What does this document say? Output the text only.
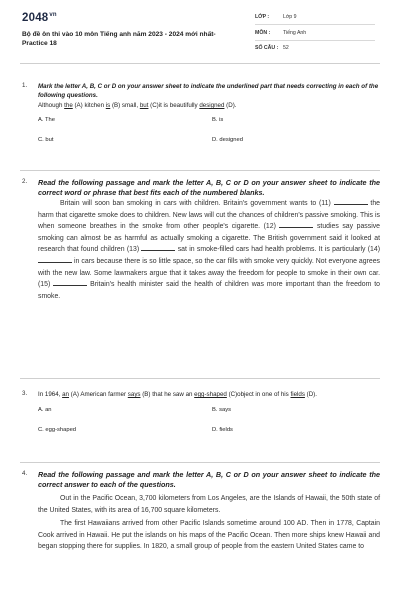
$2048^{vn}$
Bộ đề ôn thi vào 10 môn Tiếng anh năm 2023 - 2024 mới nhất- Practice 18
LỚP :	Lớp 9
MÔN : Tiếng Anh
SỐ CÂU : 52
1. Mark the letter A, B, C or D on your answer sheet to indicate the underlined part that needs correcting in each of the following questions.
Although the (A) kitchen is (B) small, but (C)it is beautifully designed (D).
A. The	B. is
C. but	D. designed
2. Read the following passage and mark the letter A, B, C or D on your answer sheet to indicate the correct word or phrase that best fits each of the numbered blanks.

Britain will soon ban smoking in cars with children. Britain's government wants to (11)	the harm that cigarette smoke does to children. New laws will cut the chances of children's passive smoking. This is when someone breathes in the smoke from other people's cigarette. (12)	studies say passive smoking can almost be as harmful as actually smoking a cigarette. The British government said it looked at research that found children (13)	sat in smoke-filled cars had health problems. It is particularly (14)  in cars because there is so little space, so the car fills with smoke very quickly. Not everyone agrees with the new law. Some lawmakers argue that it takes away the freedom for people to smoke in their own car. (15)	Britain's health minister said the health of children was more important than the freedom to smoke.

3. In 1964, an (A) American farmer says (B) that he saw an egg-shaped (C)object in one of his fields (D).
A. an	B. says
C. egg-shaped	D. fields
4. Read the following passage and mark the letter A, B, C or D on your answer sheet to indicate the correct answer to each of the questions.

Out in the Pacific Ocean, 3,700 kilometers from Los Angeles, are the Islands of Hawaii, the 50th state of the United States, with its area of 16,700 square kilometers.

The first Hawaiians arrived from other Pacific Islands sometime around 100 AD. Then in 1778, Captain Cook arrived in Hawaii. He put the islands on his maps of the Pacific Ocean. Then more ships knew Hawaii and began stopping there for supplies. In 1820, a small group of people from the eastern United States came to
